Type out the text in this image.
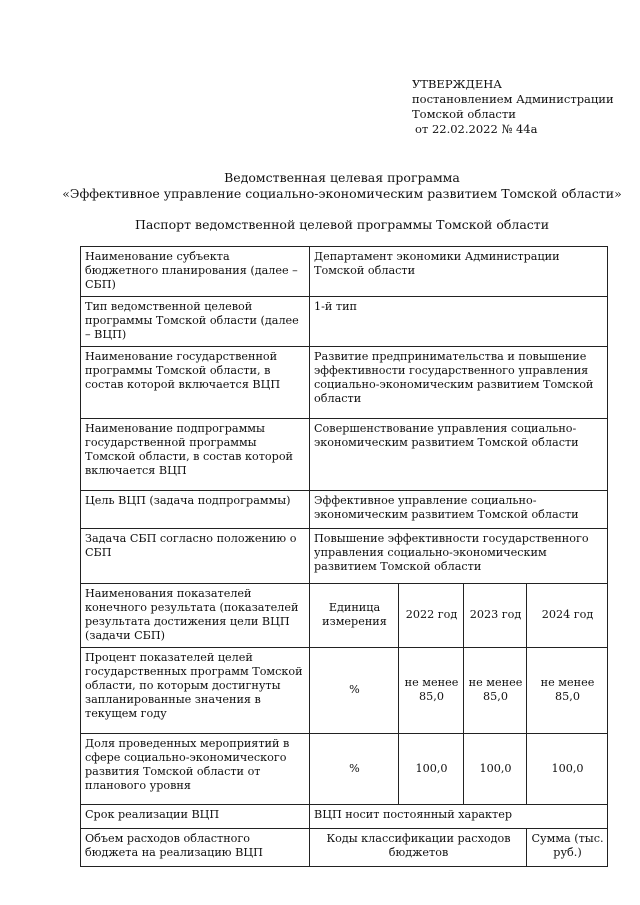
УТВЕРЖДЕНА
постановлением Администрации
Томской области
от 22.02.2022 № 44а
Ведомственная целевая программа
«Эффективное управление социально-экономическим развитием Томской области»
Паспорт ведомственной целевой программы Томской области
Наименование субъекта бюджетного планирования (далее – СБП)	Департамент экономики Администрации Томской области			
Тип ведомственной целевой программы Томской области (далее – ВЦП)	1-й тип			
Наименование государственной программы Томской области, в состав которой включается ВЦП	Развитие предпринимательства и повышение эффективности государственного управления социально-экономическим развитием Томской области			
Наименование подпрограммы государственной программы Томской области, в состав которой включается ВЦП	Совершенствование управления социально-экономическим развитием Томской области			
Цель ВЦП (задача подпрограммы)	Эффективное управление социально-экономическим развитием Томской области			
Задача СБП согласно положению о СБП	Повышение эффективности государственного управления социально-экономическим развитием Томской области			
Наименования показателей конечного результата (показателей результата достижения цели ВЦП (задачи СБП)	Единица измерения	2022 год	2023 год	2024 год
Процент показателей целей государственных программ Томской области, по которым достигнуты запланированные значения в текущем году	%	не менее 85,0	не менее 85,0	не менее 85,0
Доля проведенных мероприятий в сфере социально-экономического развития Томской области от планового уровня	%	100,0	100,0	100,0
Срок реализации ВЦП	ВЦП носит постоянный характер			
Объем расходов областного бюджета на реализацию ВЦП	Коды классификации расходов бюджетов			Сумма (тыс. руб.)
